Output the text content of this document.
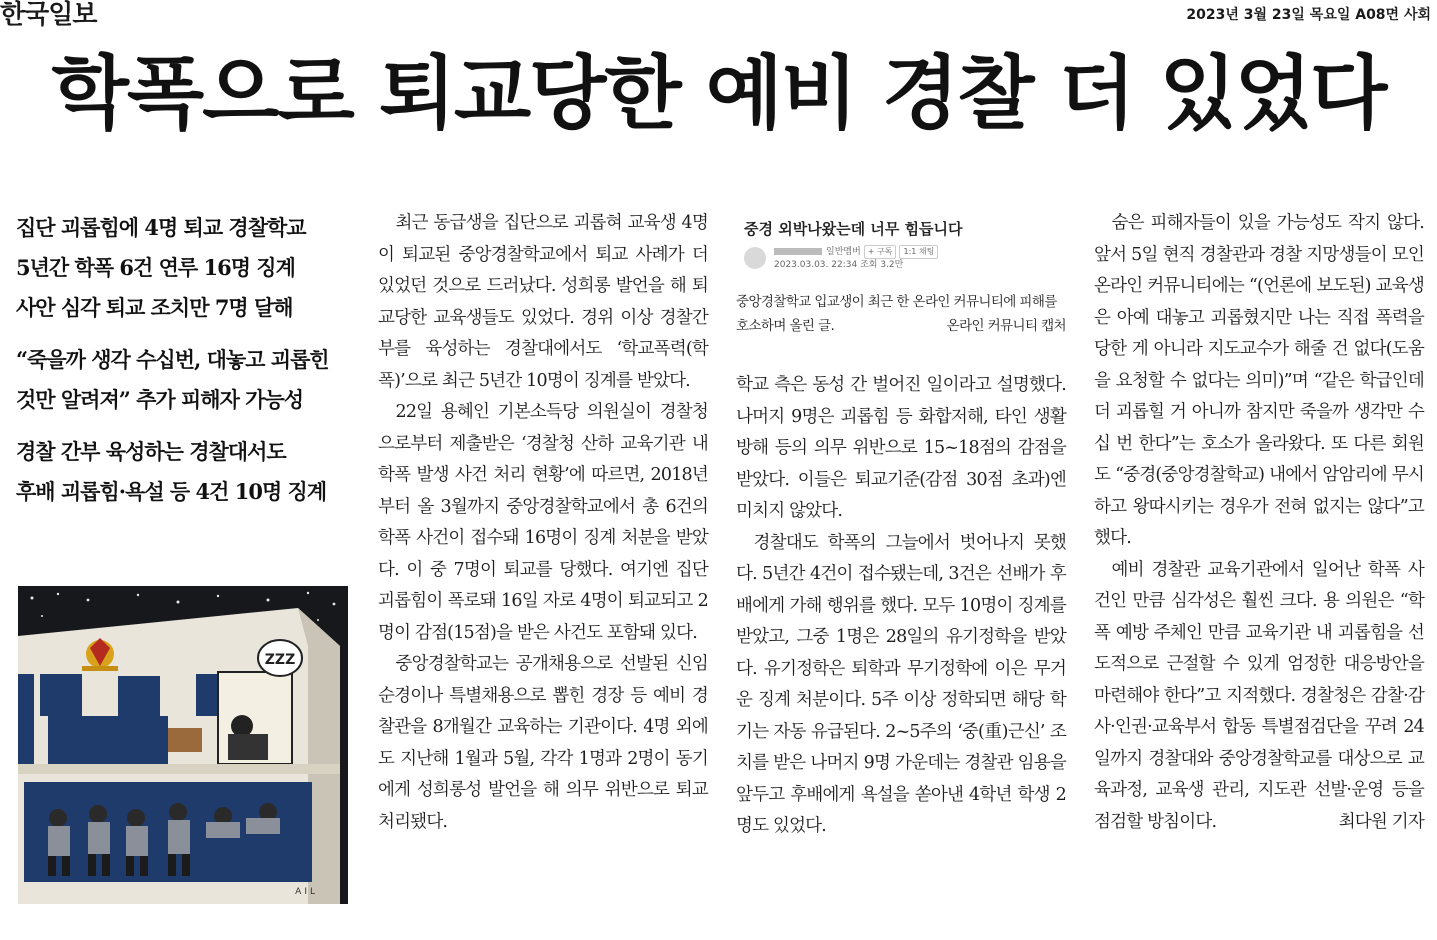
한국일보	2023년 3월 23일 목요일 A08면 사회
학폭으로 퇴교당한 예비 경찰 더 있었다
집단 괴롭힘에 4명 퇴교 경찰학교
5년간 학폭 6건 연루 16명 징계
사안 심각 퇴교 조치만 7명 달해
“죽을까 생각 수십번, 대놓고 괴롭힌
것만 알려져” 추가 피해자 가능성
경찰 간부 육성하는 경찰대서도
후배 괴롭힘·욕설 등 4건 10명 징계
ZZZ
AIL

최근 동급생을 집단으로 괴롭혀 교육생 4명이 퇴교된 중앙경찰학교에서 퇴교 사례가 더 있었던 것으로 드러났다. 성희롱 발언을 해 퇴교당한 교육생들도 있었다. 경위 이상 경찰간부를 육성하는 경찰대에서도 ‘학교폭력(학폭)’으로 최근 5년간 10명이 징계를 받았다.

22일 용혜인 기본소득당 의원실이 경찰청으로부터 제출받은 ‘경찰청 산하 교육기관 내 학폭 발생 사건 처리 현황’에 따르면, 2018년부터 올 3월까지 중앙경찰학교에서 총 6건의 학폭 사건이 접수돼 16명이 징계 처분을 받았다. 이 중 7명이 퇴교를 당했다. 여기엔 집단 괴롭힘이 폭로돼 16일 자로 4명이 퇴교되고 2명이 감점(15점)을 받은 사건도 포함돼 있다.

중앙경찰학교는 공개채용으로 선발된 신임 순경이나 특별채용으로 뽑힌 경장 등 예비 경찰관을 8개월간 교육하는 기관이다. 4명 외에도 지난해 1월과 5월, 각각 1명과 2명이 동기에게 성희롱성 발언을 해 의무 위반으로 퇴교 처리됐다.

중경 외박나왔는데 너무 힘듭니다
일반멤버 + 구독 1:1 채팅
2023.03.03. 22:34 조회 3.2만
중앙경찰학교 입교생이 최근 한 온라인 커뮤니티에 피해를 호소하며 올린 글.	온라인 커뮤니티 캡처

학교 측은 동성 간 벌어진 일이라고 설명했다. 나머지 9명은 괴롭힘 등 화합저해, 타인 생활 방해 등의 의무 위반으로 15~18점의 감점을 받았다. 이들은 퇴교기준(감점 30점 초과)엔 미치지 않았다.

경찰대도 학폭의 그늘에서 벗어나지 못했다. 5년간 4건이 접수됐는데, 3건은 선배가 후배에게 가해 행위를 했다. 모두 10명이 징계를 받았고, 그중 1명은 28일의 유기정학을 받았다. 유기정학은 퇴학과 무기정학에 이은 무거운 징계 처분이다. 5주 이상 정학되면 해당 학기는 자동 유급된다. 2~5주의 ‘중(重)근신’ 조치를 받은 나머지 9명 가운데는 경찰관 임용을 앞두고 후배에게 욕설을 쏟아낸 4학년 학생 2명도 있었다.

숨은 피해자들이 있을 가능성도 작지 않다. 앞서 5일 현직 경찰관과 경찰 지망생들이 모인 온라인 커뮤니티에는 “(언론에 보도된) 교육생은 아예 대놓고 괴롭혔지만 나는 직접 폭력을 당한 게 아니라 지도교수가 해줄 건 없다(도움을 요청할 수 없다는 의미)”며 “같은 학급인데 더 괴롭힐 거 아니까 참지만 죽을까 생각만 수십 번 한다”는 호소가 올라왔다. 또 다른 회원도 “중경(중앙경찰학교) 내에서 암암리에 무시하고 왕따시키는 경우가 전혀 없지는 않다”고 했다.

예비 경찰관 교육기관에서 일어난 학폭 사건인 만큼 심각성은 훨씬 크다. 용 의원은 “학폭 예방 주체인 만큼 교육기관 내 괴롭힘을 선도적으로 근절할 수 있게 엄정한 대응방안을 마련해야 한다”고 지적했다. 경찰청은 감찰·감사·인권·교육부서 합동 특별점검단을 꾸려 24일까지 경찰대와 중앙경찰학교를 대상으로 교육과정, 교육생 관리, 지도관 선발·운영 등을 점검할 방침이다.	최다원 기자
